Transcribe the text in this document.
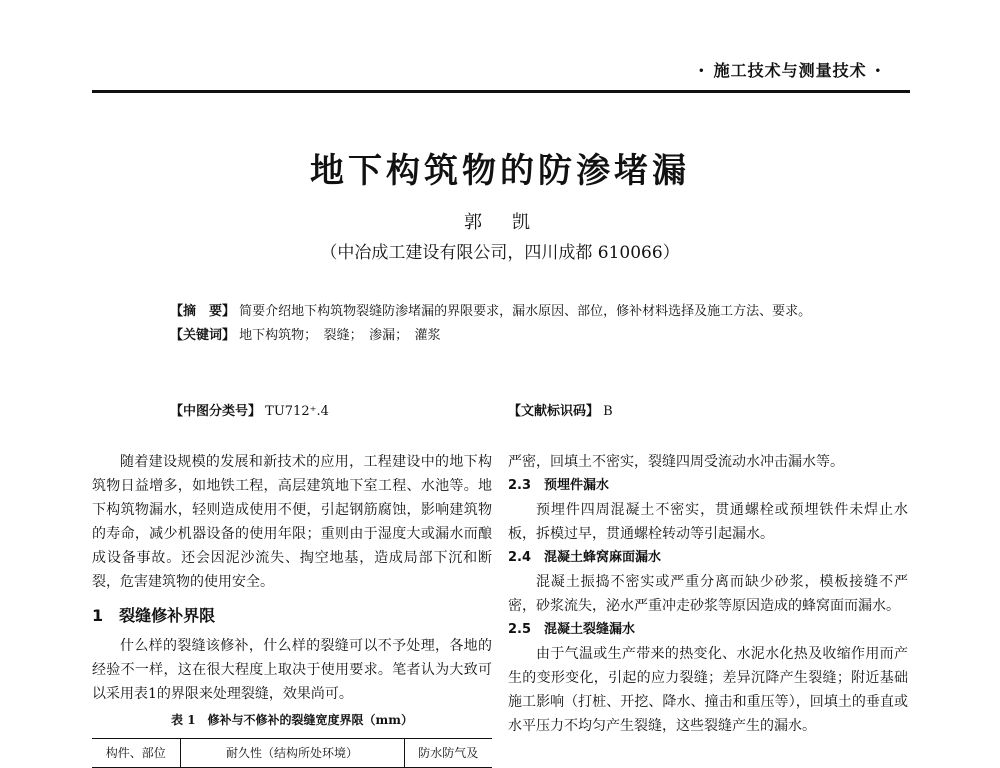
• 施工技术与测量技术 •
地下构筑物的防渗堵漏
郭　凯
（中冶成工建设有限公司，四川成都 610066）
【摘　要】 简要介绍地下构筑物裂缝防渗堵漏的界限要求，漏水原因、部位，修补材料选择及施工方法、要求。
【关键词】 地下构筑物；　裂缝；　渗漏；　灌浆
【中图分类号】 TU712⁺.4	【文献标识码】 B

随着建设规模的发展和新技术的应用，工程建设中的地下构筑物日益增多，如地铁工程，高层建筑地下室工程、水池等。地下构筑物漏水，轻则造成使用不便，引起钢筋腐蚀，影响建筑物的寿命，减少机器设备的使用年限；重则由于湿度大或漏水而酿成设备事故。还会因泥沙流失、掏空地基，造成局部下沉和断裂，危害建筑物的使用安全。

1　裂缝修补界限

什么样的裂缝该修补，什么样的裂缝可以不予处理，各地的经验不一样，这在很大程度上取决于使用要求。笔者认为大致可以采用表1的界限来处理裂缝，效果尚可。

表 1　修补与不修补的裂缝宽度界限（mm）
构件、部位	耐久性（结构所处环境）	防水防气及

严密，回填土不密实，裂缝四周受流动水冲击漏水等。

2.3　预埋件漏水

预埋件四周混凝土不密实，贯通螺栓或预埋铁件未焊止水板，拆模过早，贯通螺栓转动等引起漏水。

2.4　混凝土蜂窝麻面漏水

混凝土振捣不密实或严重分离而缺少砂浆，模板接缝不严密，砂浆流失，泌水严重冲走砂浆等原因造成的蜂窝面而漏水。

2.5　混凝土裂缝漏水

由于气温或生产带来的热变化、水泥水化热及收缩作用而产生的变形变化，引起的应力裂缝；差异沉降产生裂缝；附近基础施工影响（打桩、开挖、降水、撞击和重压等），回填土的垂直或水平压力不均匀产生裂缝，这些裂缝产生的漏水。
